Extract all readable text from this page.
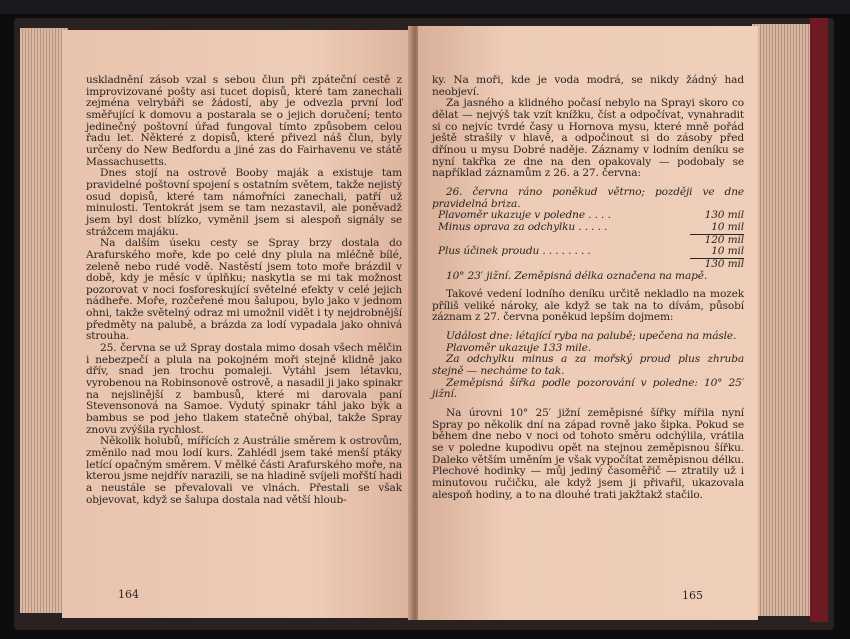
uskladnění zásob vzal s sebou člun při zpáteční cestě z improvizované pošty asi tucet dopisů, které tam zanechali zejména velrybáři se žádostí, aby je odvezla první loď směřující k domovu a postarala se o jejich doručení; tento jedinečný poštovní úřad fungoval tímto způsobem celou řadu let. Některé z dopisů, které přivezl náš člun, byly určeny do New Bedfordu a jiné zas do Fairhavenu ve státě Massachusetts.

Dnes stojí na ostrově Booby maják a existuje tam pravidelné poštovní spojení s ostatním světem, takže nejistý osud dopisů, které tam námořníci zanechali, patří už minulosti. Tentokrát jsem se tam nezastavil, ale poněvadž jsem byl dost blízko, vyměnil jsem si alespoň signály se strážcem majáku.

Na dalším úseku cesty se Spray brzy dostala do Arafurského moře, kde po celé dny plula na mléčně bílé, zeleně nebo rudé vodě. Nastěstí jsem toto moře brázdil v době, kdy je měsíc v úplňku; naskytla se mi tak možnost pozorovat v noci fosforeskující světelné efekty v celé jejich nádheře. Moře, rozčeřené mou šalupou, bylo jako v jednom ohni, takže světelný odraz mi umožnil vidět i ty nejdrobnější předměty na palubě, a brázda za lodí vypadala jako ohnivá strouha.

25. června se už Spray dostala mimo dosah všech mělčin i nebezpečí a plula na pokojném moři stejně klidně jako dřív, snad jen trochu pomaleji. Vytáhl jsem létavku, vyrobenou na Robinsonově ostrově, a nasadil ji jako spinakr na nejslinější z bambusů, které mi darovala paní Stevensonová na Samoe. Vydutý spinakr táhl jako býk a bambus se pod jeho tlakem statečně ohýbal, takže Spray znovu zvýšila rychlost.

Několik holubů, mířících z Austrálie směrem k ostrovům, změnilo nad mou lodí kurs. Zahlédl jsem také menší ptáky letící opačným směrem. V mělké části Arafurského moře, na kterou jsme nejdřív narazili, se na hladině svíjeli mořští hadi a neustále se převalovali ve vlnách. Přestali se však objevovat, když se šalupa dostala nad větší hloub-

164

ky. Na moři, kde je voda modrá, se nikdy žádný had neobjeví.

Za jasného a klidného počasí nebylo na Sprayi skoro co dělat — nejvýš tak vzít knížku, číst a odpočívat, vynahradit si co nejvíc tvrdé časy u Hornova mysu, které mně pořád ještě strašily v hlavě, a odpočinout si do zásoby před dřínou u mysu Dobré naděje. Záznamy v lodním deníku se nyní takřka ze dne na den opakovaly — podobaly se například záznamům z 26. a 27. června:

26. června ráno poněkud větrno; později ve dne pravidelná briza.

Plavoměr ukazuje v poledne . . . .	130 mil
Minus oprava za odchylku . . . . .	10 mil
120 mil
Plus účinek proudu . . . . . . . .	10 mil
130 mil

10° 23′ jižní. Zeměpisná délka označena na mapě.

Takové vedení lodního deníku určitě nekladlo na mozek příliš veliké nároky, ale když se tak na to dívám, působí záznam z 27. června poněkud lepším dojmem:

Událost dne: létající ryba na palubě; upečena na másle.

Plavoměr ukazuje 133 mile.

Za odchylku minus a za mořský proud plus zhruba stejně — necháme to tak.

Zeměpisná šířka podle pozorování v poledne: 10° 25′ jižní.

Na úrovni 10° 25′ jižní zeměpisné šířky mířila nyní Spray po několik dní na západ rovně jako šipka. Pokud se během dne nebo v noci od tohoto směru odchýlila, vrátila se v poledne kupodivu opět na stejnou zeměpisnou šířku. Daleko větším uměním je však vypočítat zeměpisnou délku. Plechové hodinky — můj jediný časoměřič — ztratily už i minutovou ručičku, ale když jsem ji přivařil, ukazovala alespoň hodiny, a to na dlouhé trati jakžtakž stačilo.

165
